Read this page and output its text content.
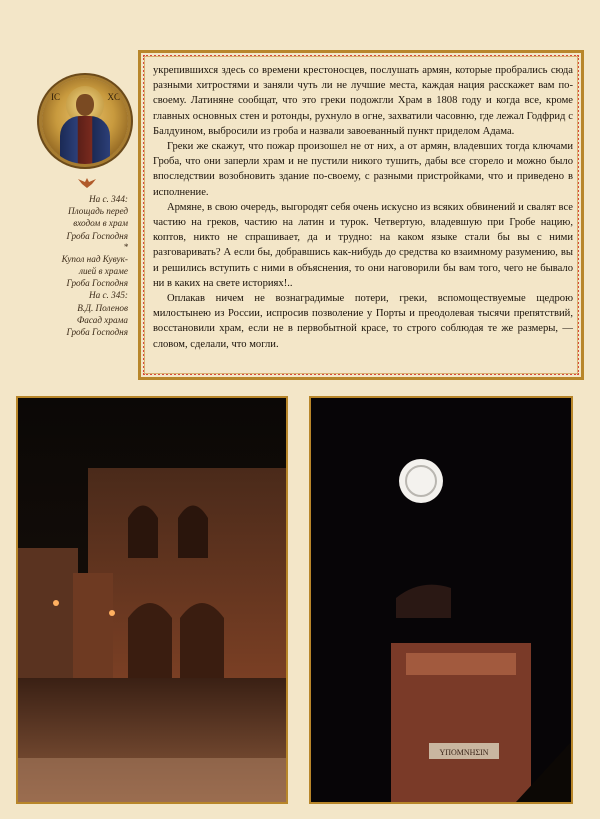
IC	XC
На с. 344:
Площадь перед
входом в храм
Гроба Господня
*
Купол над Кувук-
лией в храме
Гроба Господня
На с. 345:
В.Д. Поленов
Фасад храма
Гроба Господня

укрепившихся здесь со времени крестоносцев, послушать армян, которые пробрались сюда разными хитростями и заняли чуть ли не лучшие места, каждая нация расскажет вам по-своему. Латиняне сообщат, что это греки подожгли Храм в 1808 году и когда все, кроме главных основных стен и ротонды, рухнуло в огне, захватили часовню, где лежал Годфрид с Балдуином, выбросили из гроба и назвали завоеванный пункт приделом Адама.

Греки же скажут, что пожар произошел не от них, а от армян, владевших тогда ключами Гроба, что они заперли храм и не пустили никого тушить, дабы все сгорело и можно было впоследствии возобновить здание по-своему, с разными пристройками, что и приведено в исполнение.

Армяне, в свою очередь, выгородят себя очень искусно из всяких обвинений и свалят все частию на греков, частию на латин и турок. Четвертую, владевшую при Гробе нацию, коптов, никто не спрашивает, да и трудно: на каком языке стали бы вы с ними разговаривать? А если бы, добравшись как-нибудь до средства ко взаимному разумению, вы и решились вступить с ними в объяснения, то они наговорили бы вам того, чего не бывало ни в каких на свете историях!..

Оплакав ничем не вознаградимые потери, греки, вспомоществуемые щедрою милостынею из России, испросив позволение у Порты и преодолевая тысячи препятствий, восстановили храм, если не в первобытной красе, то строго соблюдая те же размеры, — словом, сделали, что могли.

ΥΠΟΜΝΗΣΙΝ
